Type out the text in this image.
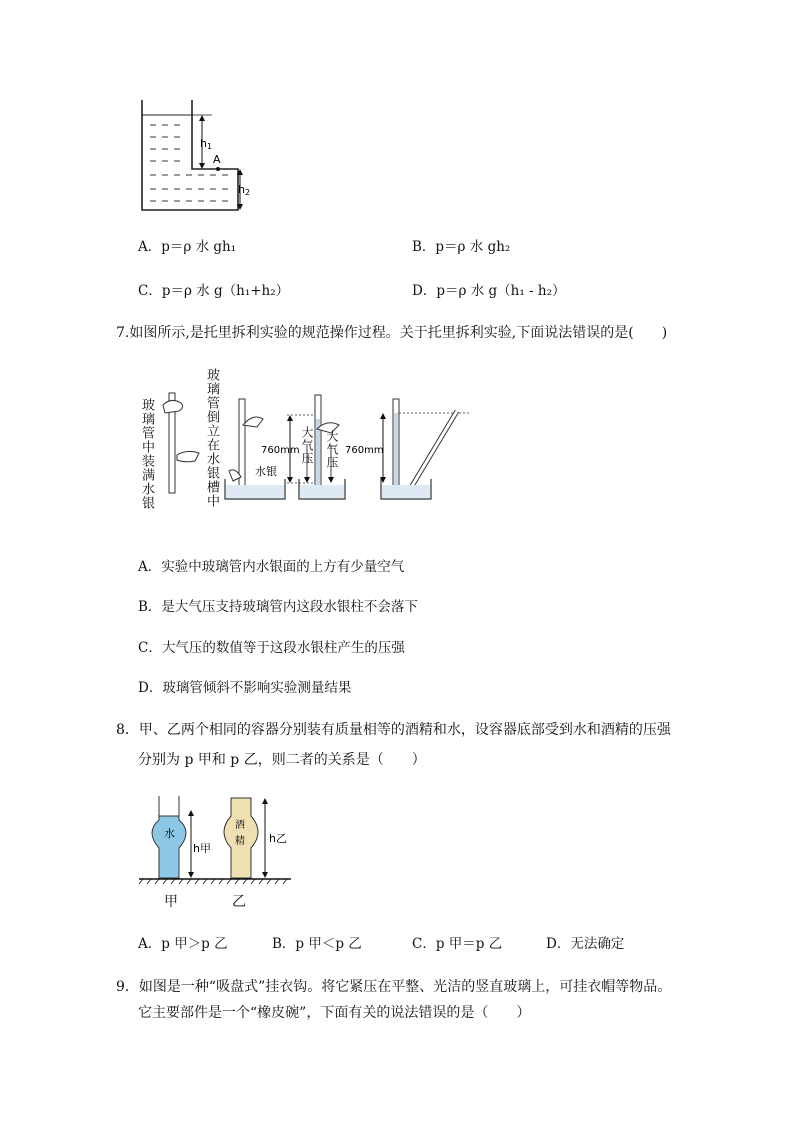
A
h1
h2
A．p＝ρ 水 gh₁	B．p＝ρ 水 gh₂
C．p＝ρ 水 g（h₁+h₂）	D．p＝ρ 水 g（h₁ - h₂）
7.如图所示,是托里拆利实验的规范操作过程。关于托里拆利实验,下面说法错误的是(　　)
玻璃管中装满水银	玻璃管倒立在水银槽中	水银
760mm	760mm
大气压 大气压
A．实验中玻璃管内水银面的上方有少量空气
B．是大气压支持玻璃管内这段水银柱不会落下
C．大气压的数值等于这段水银柱产生的压强
D．玻璃管倾斜不影响实验测量结果
8．甲、乙两个相同的容器分别装有质量相等的酒精和水，设容器底部受到水和酒精的压强
分别为 p 甲和 p 乙，则二者的关系是（　　）
水
h甲
酒
精 h乙
甲	乙
A．p 甲＞p 乙	B．p 甲＜p 乙	C．p 甲＝p 乙	D．无法确定
9．如图是一种“吸盘式”挂衣钩。将它紧压在平整、光洁的竖直玻璃上，可挂衣帽等物品。
它主要部件是一个“橡皮碗”，下面有关的说法错误的是（　　）
